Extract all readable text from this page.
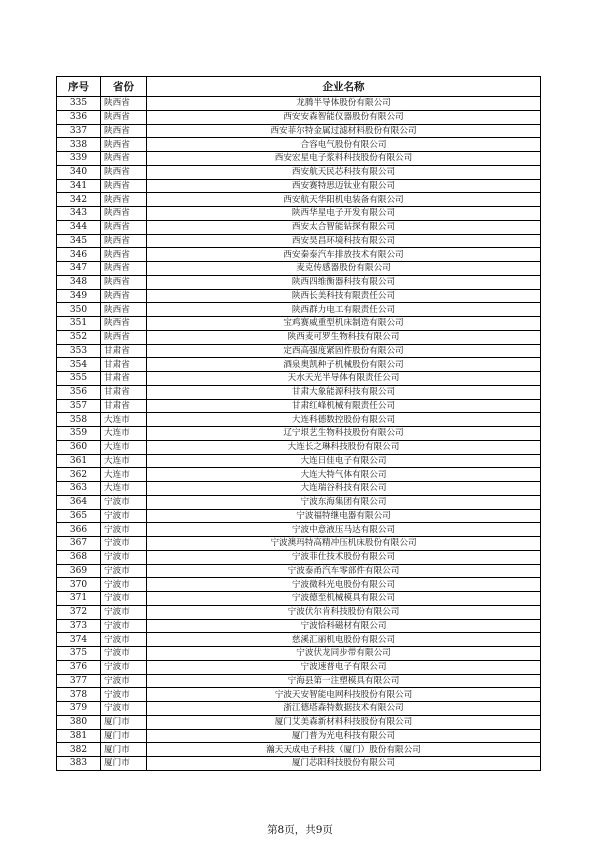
序号	省份	企业名称
335	陕西省	龙腾半导体股份有限公司
336	陕西省	西安安森智能仪器股份有限公司
337	陕西省	西安菲尔特金属过滤材料股份有限公司
338	陕西省	合容电气股份有限公司
339	陕西省	西安宏星电子浆料科技股份有限公司
340	陕西省	西安航天民芯科技有限公司
341	陕西省	西安赛特思迈钛业有限公司
342	陕西省	西安航天华阳机电装备有限公司
343	陕西省	陕西华星电子开发有限公司
344	陕西省	西安太合智能钻探有限公司
345	陕西省	西安昊昌环境科技有限公司
346	陕西省	西安秦泰汽车排放技术有限公司
347	陕西省	麦克传感器股份有限公司
348	陕西省	陕西四维衡器科技有限公司
349	陕西省	陕西长美科技有限责任公司
350	陕西省	陕西群力电工有限责任公司
351	陕西省	宝鸡赛威重型机床制造有限公司
352	陕西省	陕西麦可罗生物科技有限公司
353	甘肃省	定西高强度紧固件股份有限公司
354	甘肃省	酒泉奥凯种子机械股份有限公司
355	甘肃省	天水天光半导体有限责任公司
356	甘肃省	甘肃大象能源科技有限公司
357	甘肃省	甘肃红峰机械有限责任公司
358	大连市	大连科德数控股份有限公司
359	大连市	辽宁垠艺生物科技股份有限公司
360	大连市	大连长之琳科技股份有限公司
361	大连市	大连日佳电子有限公司
362	大连市	大连大特气体有限公司
363	大连市	大连瑞谷科技有限公司
364	宁波市	宁波东海集团有限公司
365	宁波市	宁波福特继电器有限公司
366	宁波市	宁波中意液压马达有限公司
367	宁波市	宁波澳玛特高精冲压机床股份有限公司
368	宁波市	宁波菲仕技术股份有限公司
369	宁波市	宁波泰甬汽车零部件有限公司
370	宁波市	宁波微科光电股份有限公司
371	宁波市	宁波德至机械模具有限公司
372	宁波市	宁波伏尔肯科技股份有限公司
373	宁波市	宁波恰科磁材有限公司
374	宁波市	慈溪汇丽机电股份有限公司
375	宁波市	宁波伏龙同步带有限公司
376	宁波市	宁波速普电子有限公司
377	宁波市	宁海县第一注塑模具有限公司
378	宁波市	宁波天安智能电网科技股份有限公司
379	宁波市	浙江德塔森特数据技术有限公司
380	厦门市	厦门艾美森新材料科技股份有限公司
381	厦门市	厦门普为光电科技有限公司
382	厦门市	瀚天天成电子科技（厦门）股份有限公司
383	厦门市	厦门芯阳科技股份有限公司
第8页，共9页
